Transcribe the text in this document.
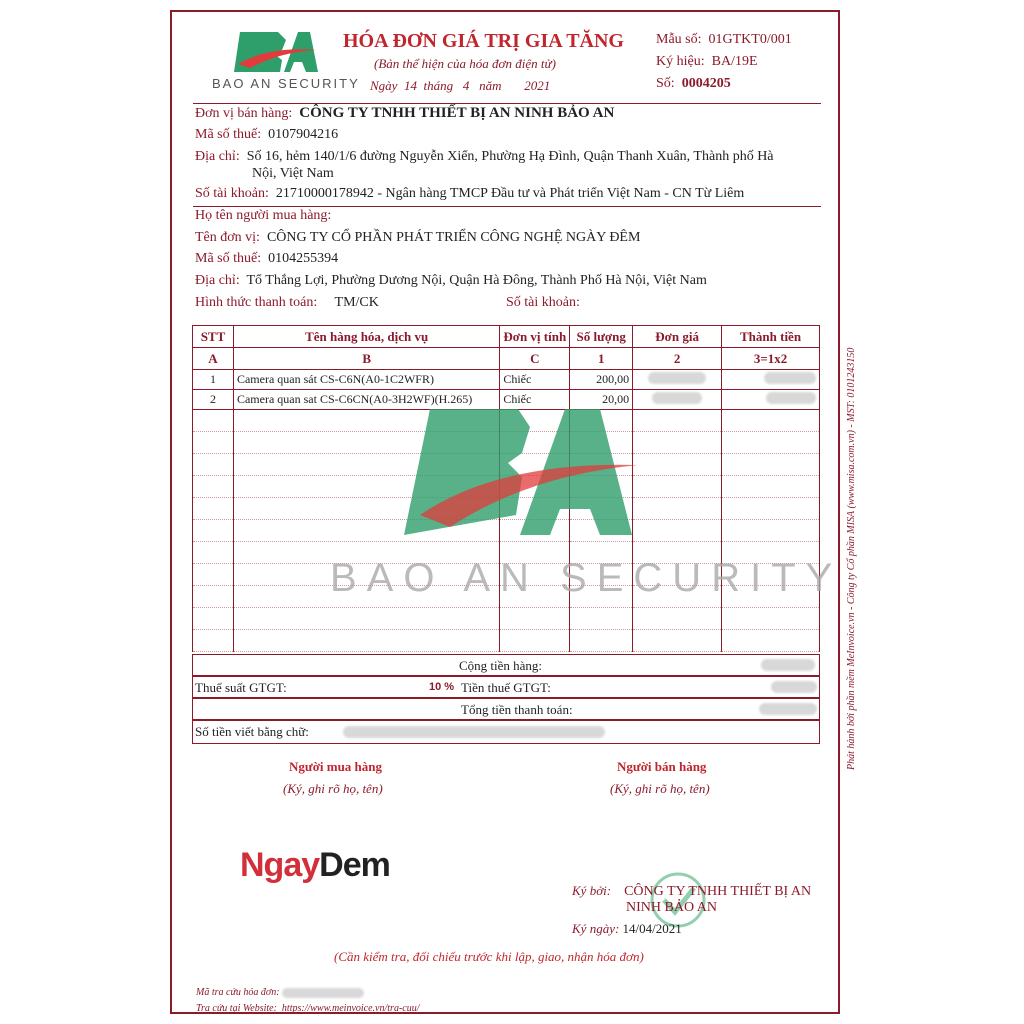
BAO AN SECURITY
HÓA ĐƠN GIÁ TRỊ GIA TĂNG
(Bản thể hiện của hóa đơn điện tử)
Ngày 14 tháng 4 năm 2021
Mẫu số: 01GTKT0/001
Ký hiệu: BA/19E
Số: 0004205
Đơn vị bán hàng: CÔNG TY TNHH THIẾT BỊ AN NINH BẢO AN
Mã số thuế: 0107904216
Địa chỉ: Số 16, hẻm 140/1/6 đường Nguyễn Xiển, Phường Hạ Đình, Quận Thanh Xuân, Thành phố Hà
Nội, Việt Nam
Số tài khoản: 21710000178942 - Ngân hàng TMCP Đầu tư và Phát triển Việt Nam - CN Từ Liêm
Họ tên người mua hàng:
Tên đơn vị: CÔNG TY CỔ PHẦN PHÁT TRIỂN CÔNG NGHỆ NGÀY ĐÊM
Mã số thuế: 0104255394
Địa chỉ: Tổ Thắng Lợi, Phường Dương Nội, Quận Hà Đông, Thành Phố Hà Nội, Việt Nam
Hình thức thanh toán: TM/CK	Số tài khoản:
STT	Tên hàng hóa, dịch vụ	Đơn vị tính	Số lượng	Đơn giá	Thành tiền
A	B	C	1	2	3=1x2
1	Camera quan sát CS-C6N(A0-1C2WFR)	Chiếc	200,00		
2	Camera quan sat CS-C6CN(A0-3H2WF)(H.265)	Chiếc	20,00		

BAO AN SECURITY
Cộng tiền hàng:
Thuế suất GTGT:	10 % Tiền thuế GTGT:
Tổng tiền thanh toán:
Số tiền viết bằng chữ:
Người mua hàng
(Ký, ghi rõ họ, tên)
Người bán hàng
(Ký, ghi rõ họ, tên)
NgayDem
Ký bởi: CÔNG TY TNHH THIẾT BỊ AN
NINH BẢO AN
Ký ngày: 14/04/2021
(Cần kiểm tra, đối chiếu trước khi lập, giao, nhận hóa đơn)
Mã tra cứu hóa đơn:
Tra cứu tại Website: https://www.meinvoice.vn/tra-cuu/
Phát hành bởi phần mềm MeInvoice.vn - Công ty Cổ phần MISA (www.misa.com.vn) - MST: 0101243150
